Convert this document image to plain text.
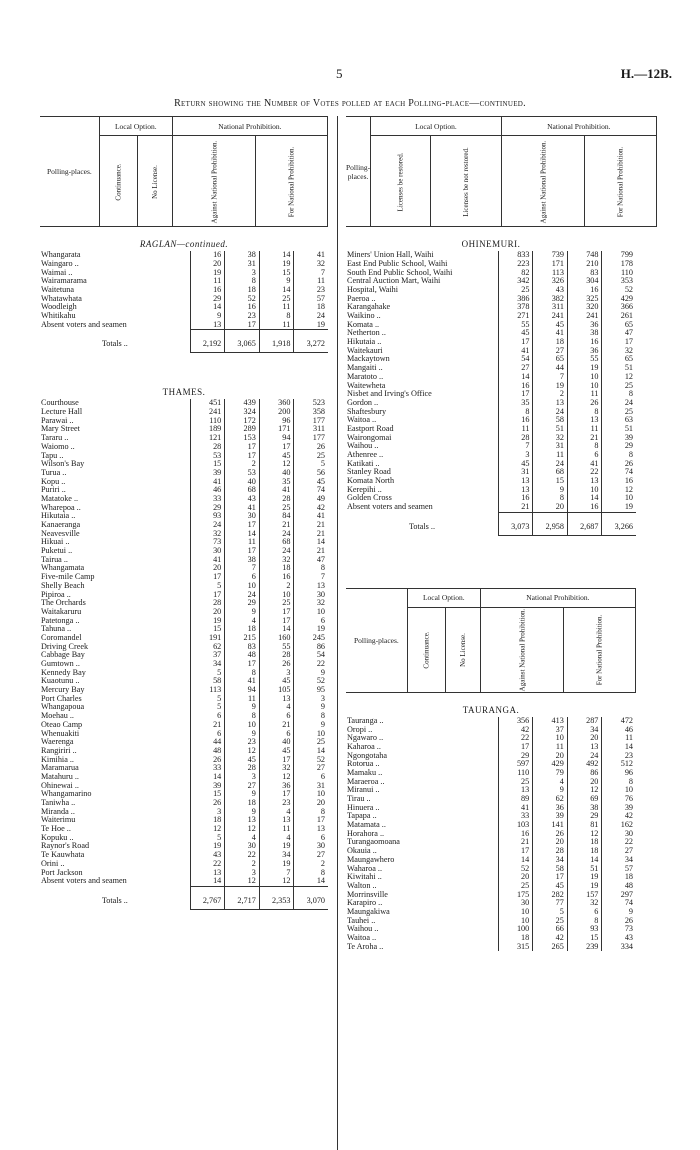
5	H.—12B.
Return showing the Number of Votes polled at each Polling-place—continued.
Polling-places.	Local Option.		National Prohibition.	
	Continuance.	No License.	Against National Prohibition.	For National Prohibition.
RAGLAN—continued.
Whangarata	16	38	14	41
Waingaro ..	20	31	19	32
Waimai ..	19	3	15	7
Wairamarama	11	8	9	11
Waitetuna	16	18	14	23
Whatawhata	29	52	25	57
Woodleigh	14	16	11	18
Whitikahu	9	23	8	24
Absent voters and seamen	13	17	11	19
Totals ..	2,192	3,065	1,918	3,272
THAMES.
Courthouse	451	439	360	523
Lecture Hall	241	324	200	358
Parawai ..	110	172	96	177
Mary Street	189	289	171	311
Tararu ..	121	153	94	177
Waiomo ..	28	17	17	26
Tapu ..	53	17	45	25
Wilson's Bay	15	2	12	5
Turua ..	39	53	40	56
Kopu ..	41	40	35	45
Puriri ..	46	68	41	74
Matatoke ..	33	43	28	49
Wharepoa ..	29	41	25	42
Hikutaia ..	93	30	84	41
Kanaeranga	24	17	21	21
Neavesville	32	14	24	21
Hikuai ..	73	11	68	14
Puketui ..	30	17	24	21
Tairua ..	41	38	32	47
Whangamata	20	7	18	8
Five-mile Camp	17	6	16	7
Shelly Beach	5	10	2	13
Pipiroa ..	17	24	10	30
The Orchards	28	29	25	32
Waitakaruru	20	9	17	10
Patetonga ..	19	4	17	6
Tahuna ..	15	18	14	19
Coromandel	191	215	160	245
Driving Creek	62	83	55	86
Cabbage Bay	37	48	28	54
Gumtown ..	34	17	26	22
Kennedy Bay	5	8	3	9
Kuaotunu ..	58	41	45	52
Mercury Bay	113	94	105	95
Port Charles	5	11	13	3
Whangapoua	5	9	4	9
Moehau ..	6	8	6	8
Oteao Camp	21	10	21	9
Whenuakiti	6	9	6	10
Waerenga	44	23	40	25
Rangiriri ..	48	12	45	14
Kimihia ..	26	45	17	52
Maramarua	33	28	32	27
Matahuru ..	14	3	12	6
Ohinewai ..	39	27	36	31
Whangamarino	15	9	17	10
Taniwha ..	26	18	23	20
Miranda ..	3	9	4	8
Waiterimu	18	13	13	17
Te Hoe ..	12	12	11	13
Kopuku ..	5	4	4	6
Raynor's Road	19	30	19	30
Te Kauwhata	43	22	34	27
Orini ..	22	2	19	2
Port Jackson	13	3	7	8
Absent voters and seamen	14	12	12	14
Totals ..	2,767	2,717	2,353	3,070
Polling-places.	Local Option.		National Prohibition.	
	Licenses be restored.	Licenses be not restored.	Against National Prohibition.	For National Prohibition.
OHINEMURI.
Miners' Union Hall, Waihi	833	739	748	799
East End Public School, Waihi	223	171	210	178
South End Public School, Waihi	82	113	83	110
Central Auction Mart, Waihi	342	326	304	353
Hospital, Waihi	25	43	16	52
Paeroa ..	386	382	325	429
Karangahake	378	311	320	366
Waikino ..	271	241	241	261
Komata ..	55	45	36	65
Netherton ..	45	41	38	47
Hikutaia ..	17	18	16	17
Waitekauri	41	27	36	32
Mackaytown	54	65	55	65
Mangaiti ..	27	44	19	51
Maratoto ..	14	7	10	12
Waitewheta	16	19	10	25
Nisbet and Irving's Office	17	2	11	8
Gordon ..	35	13	26	24
Shaftesbury	8	24	8	25
Waitoa ..	16	58	13	63
Eastport Road	11	51	11	51
Wairongomai	28	32	21	39
Waihou ..	7	31	8	29
Athenree ..	3	11	6	8
Katikati ..	45	24	41	26
Stanley Road	31	68	22	74
Komata North	13	15	13	16
Kerepihi ..	13	9	10	12
Golden Cross	16	8	14	10
Absent voters and seamen	21	20	16	19
Totals ..	3,073	2,958	2,687	3,266
Polling-places.	Local Option.		National Prohibition.	
	Continuance.	No License.	Against National Prohibition.	For National Prohibition.
TAURANGA.
Tauranga ..	356	413	287	472
Oropi ..	42	37	34	46
Ngawaro ..	22	10	20	11
Kaharoa ..	17	11	13	14
Ngongotaha	29	20	24	23
Rotorua ..	597	429	492	512
Mamaku ..	110	79	86	96
Maraeroa ..	25	4	20	8
Miranui ..	13	9	12	10
Tirau ..	89	62	69	76
Hinuera ..	41	36	38	39
Tapapa ..	33	39	29	42
Matamata ..	103	141	81	162
Horahora ..	16	26	12	30
Turangaomoana	21	20	18	22
Okauia ..	17	28	18	27
Maungawhero	14	34	14	34
Waharoa ..	52	58	51	57
Kiwitahi ..	20	17	19	18
Walton ..	25	45	19	48
Morrinsville	175	282	157	297
Karapiro ..	30	77	32	74
Maungakiwa	10	5	6	9
Tauhei ..	10	25	8	26
Waihou ..	100	66	93	73
Waitoa ..	18	42	15	43
Te Aroha ..	315	265	239	334
